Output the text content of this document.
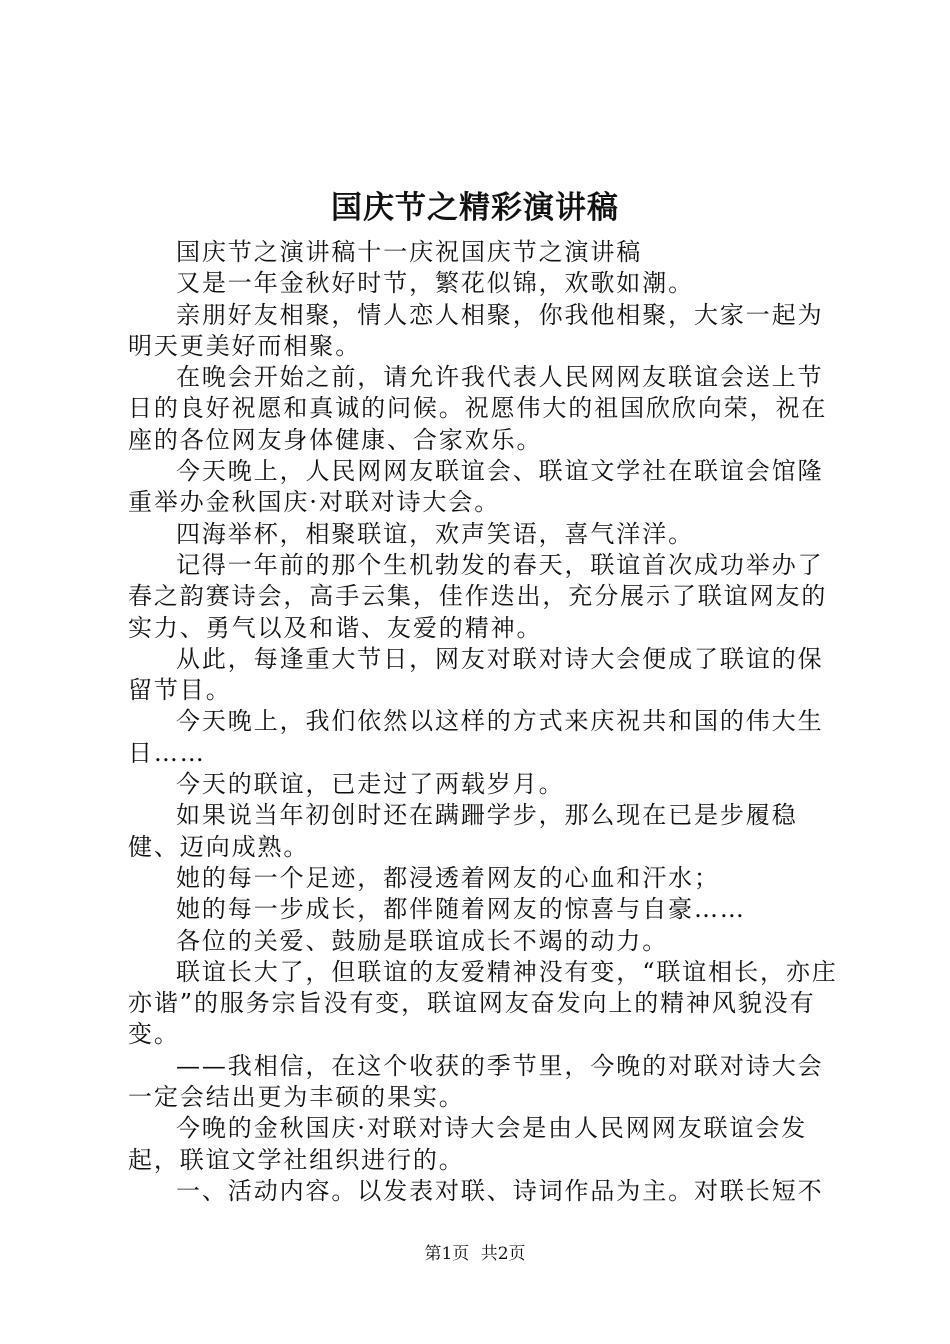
国庆节之精彩演讲稿

国庆节之演讲稿十一庆祝国庆节之演讲稿

又是一年金秋好时节，繁花似锦，欢歌如潮。

亲朋好友相聚，情人恋人相聚，你我他相聚，大家一起为明天更美好而相聚。

在晚会开始之前，请允许我代表人民网网友联谊会送上节日的良好祝愿和真诚的问候。祝愿伟大的祖国欣欣向荣，祝在座的各位网友身体健康、合家欢乐。

今天晚上，人民网网友联谊会、联谊文学社在联谊会馆隆重举办金秋国庆·对联对诗大会。

四海举杯，相聚联谊，欢声笑语，喜气洋洋。

记得一年前的那个生机勃发的春天，联谊首次成功举办了春之韵赛诗会，高手云集，佳作迭出，充分展示了联谊网友的实力、勇气以及和谐、友爱的精神。

从此，每逢重大节日，网友对联对诗大会便成了联谊的保留节目。

今天晚上，我们依然以这样的方式来庆祝共和国的伟大生日……

今天的联谊，已走过了两载岁月。

如果说当年初创时还在蹒跚学步，那么现在已是步履稳健、迈向成熟。

她的每一个足迹，都浸透着网友的心血和汗水；

她的每一步成长，都伴随着网友的惊喜与自豪……

各位的关爱、鼓励是联谊成长不竭的动力。

联谊长大了，但联谊的友爱精神没有变，“联谊相长，亦庄亦谐”的服务宗旨没有变，联谊网友奋发向上的精神风貌没有变。

——我相信，在这个收获的季节里，今晚的对联对诗大会一定会结出更为丰硕的果实。

今晚的金秋国庆·对联对诗大会是由人民网网友联谊会发起，联谊文学社组织进行的。

一、活动内容。以发表对联、诗词作品为主。对联长短不

第1页 共2页
